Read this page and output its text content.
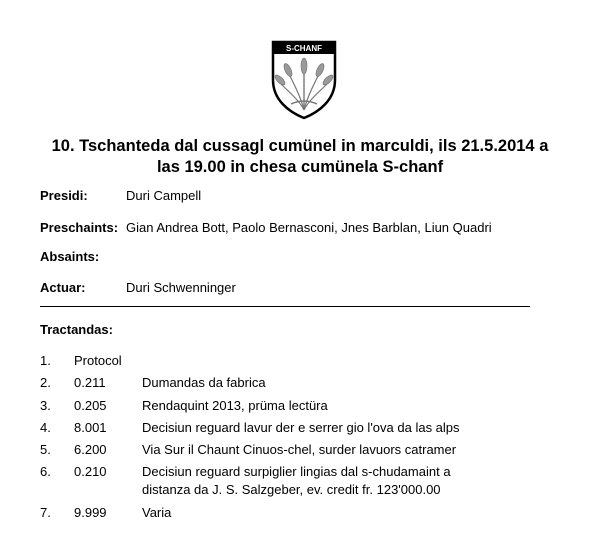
S-CHANF
10. Tschanteda dal cussagl cumünel in marculdi, ils 21.5.2014 a
las 19.00 in chesa cumünela S-chanf
Presidi:	Duri Campell
Preschaints: Gian Andrea Bott, Paolo Bernasconi, Jnes Barblan, Liun Quadri
Absaints:
Actuar:	Duri Schwenninger
Tractandas:
1. Protocol
2. 0.211	Dumandas da fabrica
3. 0.205	Rendaquint 2013, prüma lectüra
4. 8.001	Decisiun reguard lavur der e serrer gio l'ova da las alps
5. 6.200	Via Sur il Chaunt Cinuos-chel, surder lavuors catramer
6. 0.210	Decisiun reguard surpiglier lingias dal s-chudamaint a
distanza da J. S. Salzgeber, ev. credit fr. 123'000.00
7. 9.999	Varia
